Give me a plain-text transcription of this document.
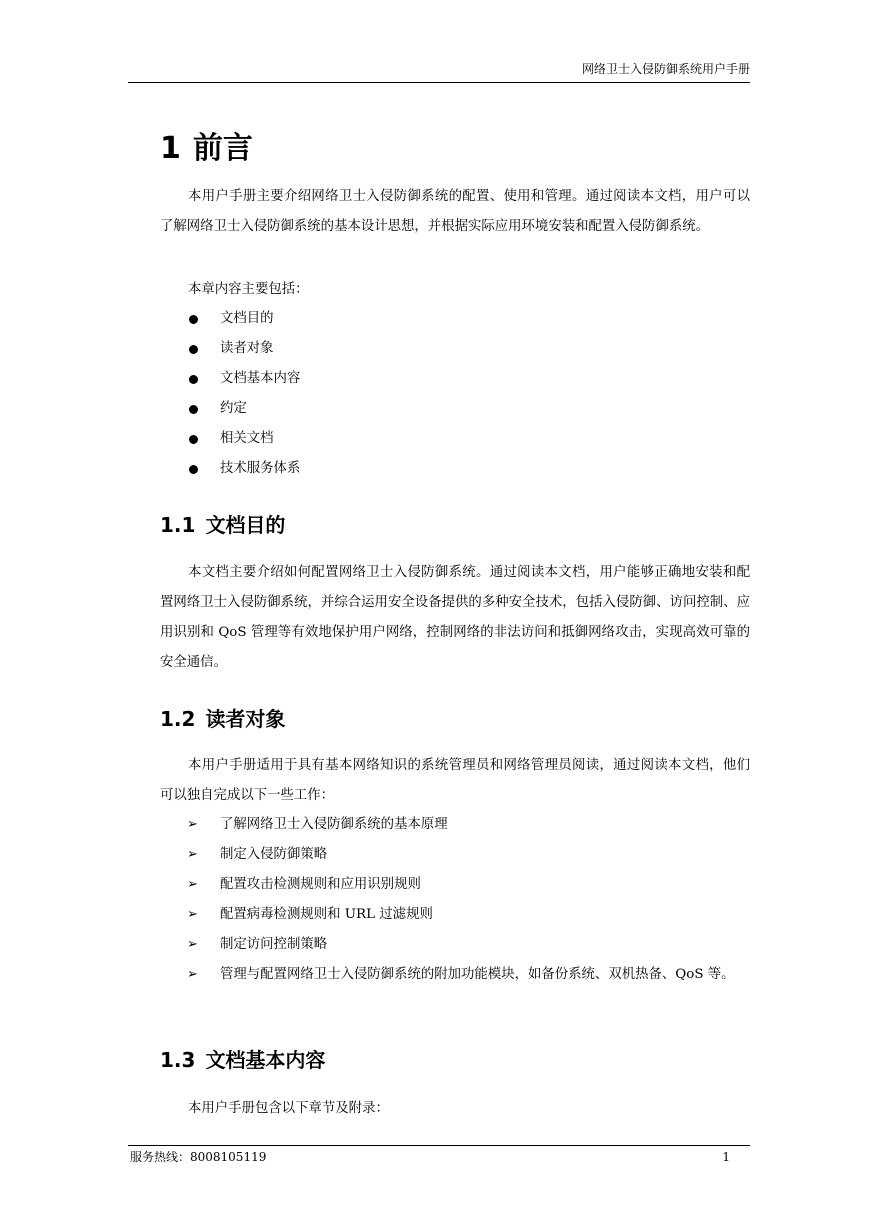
网络卫士入侵防御系统用户手册
1 前言

本用户手册主要介绍网络卫士入侵防御系统的配置、使用和管理。通过阅读本文档，用户可以了解网络卫士入侵防御系统的基本设计思想，并根据实际应用环境安装和配置入侵防御系统。

本章内容主要包括：
文档目的
读者对象
文档基本内容
约定
相关文档
技术服务体系
1.1 文档目的

本文档主要介绍如何配置网络卫士入侵防御系统。通过阅读本文档，用户能够正确地安装和配置网络卫士入侵防御系统，并综合运用安全设备提供的多种安全技术，包括入侵防御、访问控制、应用识别和 QoS 管理等有效地保护用户网络，控制网络的非法访问和抵御网络攻击，实现高效可靠的安全通信。

1.2 读者对象

本用户手册适用于具有基本网络知识的系统管理员和网络管理员阅读，通过阅读本文档，他们可以独自完成以下一些工作：

➢ 了解网络卫士入侵防御系统的基本原理
➢ 制定入侵防御策略
➢ 配置攻击检测规则和应用识别规则
➢ 配置病毒检测规则和 URL 过滤规则
➢ 制定访问控制策略
➢ 管理与配置网络卫士入侵防御系统的附加功能模块，如备份系统、双机热备、QoS 等。
1.3 文档基本内容

本用户手册包含以下章节及附录：

服务热线：8008105119	1
